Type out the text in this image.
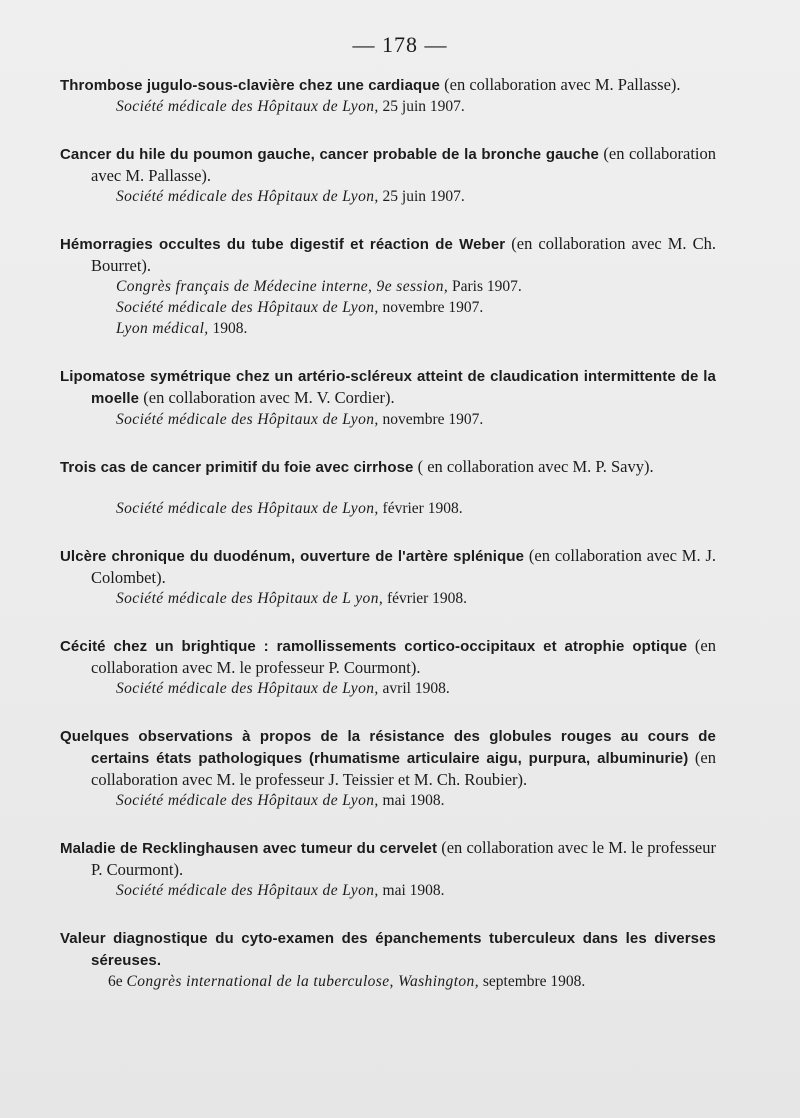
— 178 —
Thrombose jugulo-sous-clavière chez une cardiaque (en collaboration avec M. Pallasse).
Société médicale des Hôpitaux de Lyon, 25 juin 1907.
Cancer du hile du poumon gauche, cancer probable de la bronche gauche (en collaboration avec M. Pallasse).
Société médicale des Hôpitaux de Lyon, 25 juin 1907.
Hémorragies occultes du tube digestif et réaction de Weber (en collaboration avec M. Ch. Bourret).
Congrès français de Médecine interne, 9e session, Paris 1907.
Société médicale des Hôpitaux de Lyon, novembre 1907.
Lyon médical, 1908.
Lipomatose symétrique chez un artério-scléreux atteint de claudication intermittente de la moelle (en collaboration avec M. V. Cordier).
Société médicale des Hôpitaux de Lyon, novembre 1907.
Trois cas de cancer primitif du foie avec cirrhose ( en collaboration avec M. P. Savy).
Société médicale des Hôpitaux de Lyon, février 1908.
Ulcère chronique du duodénum, ouverture de l'artère splénique (en collaboration avec M. J. Colombet).
Société médicale des Hôpitaux de L yon, février 1908.
Cécité chez un brightique : ramollissements cortico-occipitaux et atrophie optique (en collaboration avec M. le professeur P. Courmont).
Société médicale des Hôpitaux de Lyon, avril 1908.
Quelques observations à propos de la résistance des globules rouges au cours de certains états pathologiques (rhumatisme articulaire aigu, purpura, albuminurie) (en collaboration avec M. le professeur J. Teissier et M. Ch. Roubier).
Société médicale des Hôpitaux de Lyon, mai 1908.
Maladie de Recklinghausen avec tumeur du cervelet (en collaboration avec le M. le professeur P. Courmont).
Société médicale des Hôpitaux de Lyon, mai 1908.
Valeur diagnostique du cyto-examen des épanchements tuberculeux dans les diverses séreuses.
6e Congrès international de la tuberculose, Washington, septembre 1908.
